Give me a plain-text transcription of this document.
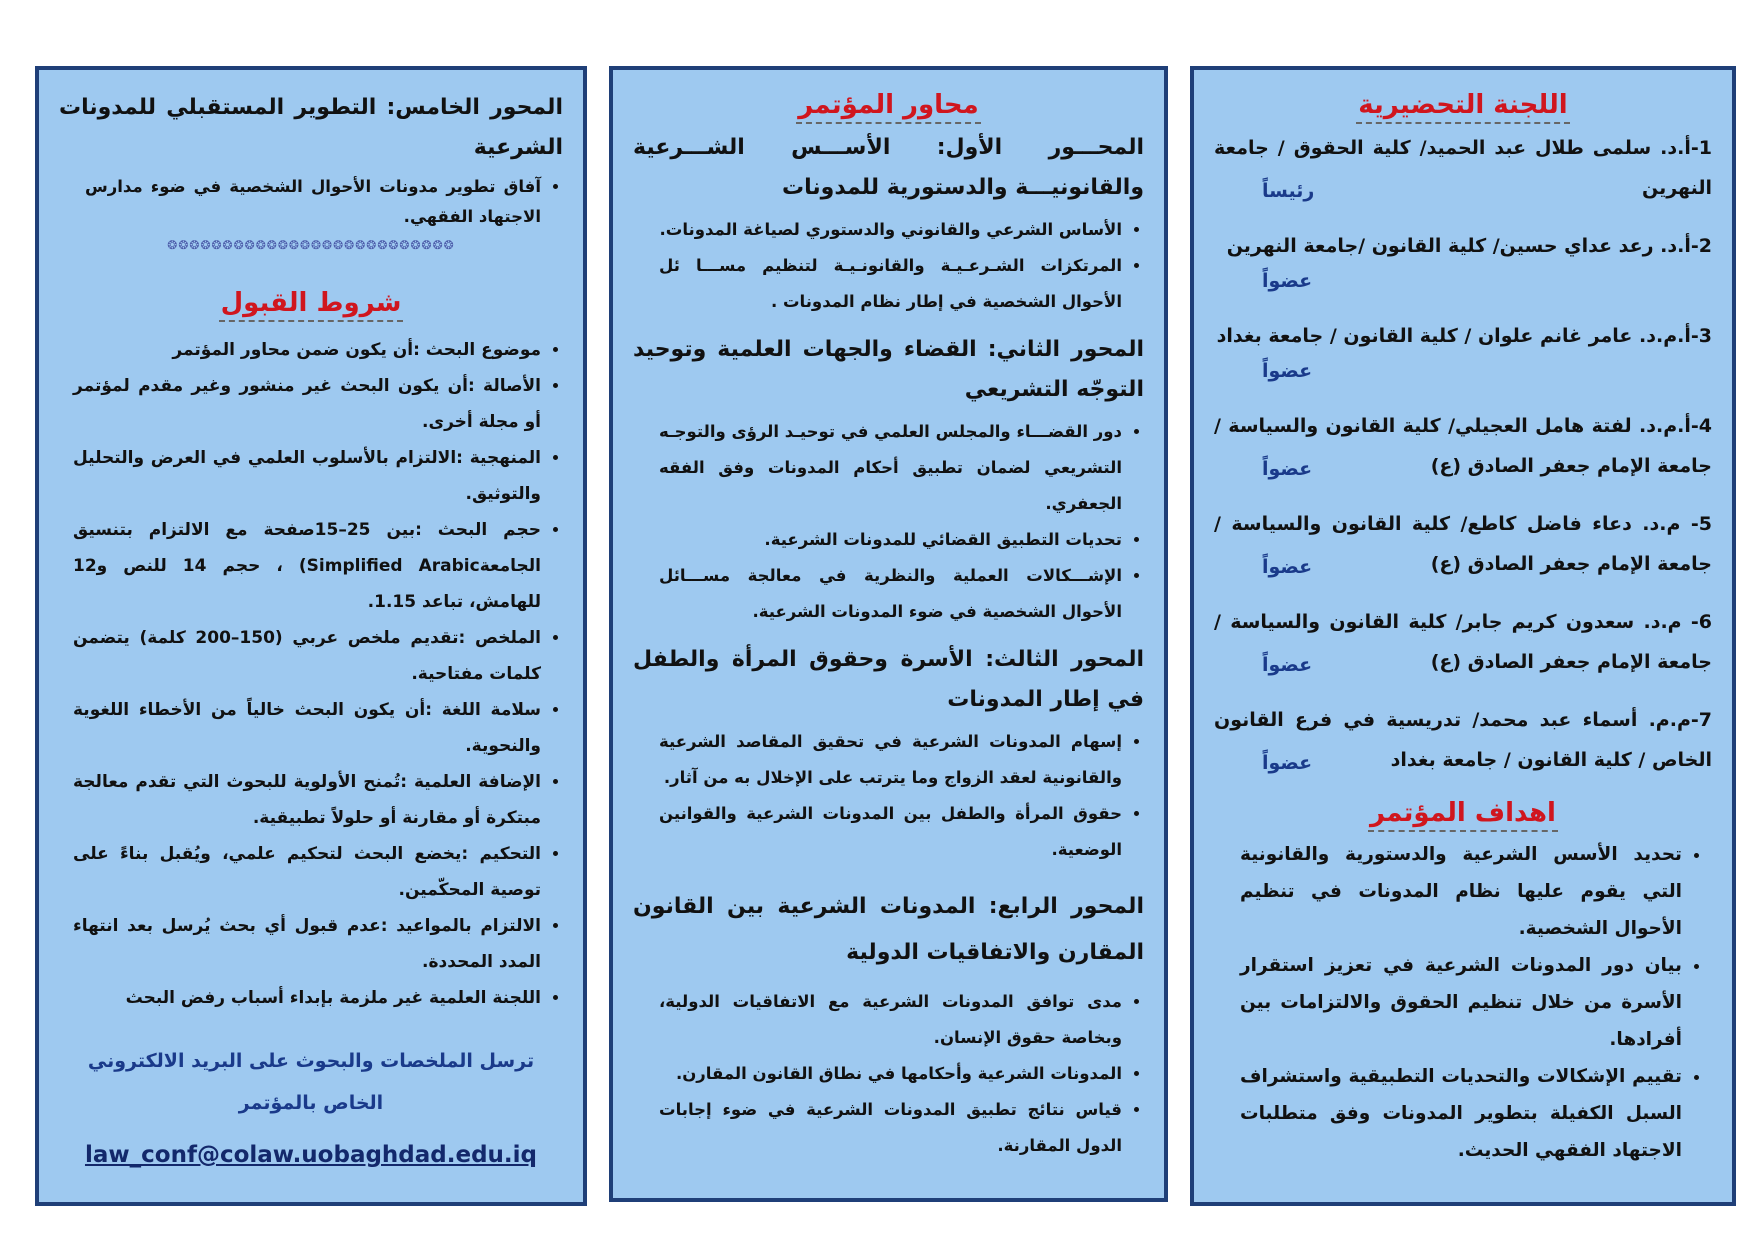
اللجنة التحضيرية
1-أ.د. سلمى طلال عبد الحميد/ كلية الحقوق / جامعة النهرين
رئيساً
2-أ.د. رعد عداي حسين/ كلية القانون /جامعة النهرين
عضواً
3-أ.م.د. عامر غانم علوان / كلية القانون / جامعة بغداد
عضواً
4-أ.م.د. لفتة هامل العجيلي/ كلية القانون والسياسة / جامعة الإمام جعفر الصادق (ع)
عضواً
5- م.د. دعاء فاضل كاطع/ كلية القانون والسياسة / جامعة الإمام جعفر الصادق (ع)
عضواً
6- م.د. سعدون كريم جابر/ كلية القانون والسياسة / جامعة الإمام جعفر الصادق (ع)
عضواً
7-م.م. أسماء عبد محمد/ تدريسية في فرع القانون الخاص / كلية القانون / جامعة بغداد
عضواً
اهداف المؤتمر
• تحديد الأسس الشرعية والدستورية والقانونية التي يقوم عليها نظام المدونات في تنظيم الأحوال الشخصية.
• بيان دور المدونات الشرعية في تعزيز استقرار الأسرة من خلال تنظيم الحقوق والالتزامات بين أفرادها.
• تقييم الإشكالات والتحديات التطبيقية واستشراف السبل الكفيلة بتطوير المدونات وفق متطلبات الاجتهاد الفقهي الحديث.
محاور المؤتمر
المحـــور الأول: الأســـس الشـــرعية والقانونيـــة والدستورية للمدونات
• الأساس الشرعي والقانوني والدستوري لصياغة المدونات.
• المرتكزات الشـرعـيـة والقانونـيـة لتنظيم مســـا ئل الأحوال الشخصية في إطار نظام المدونات .
المحور الثاني: القضاء والجهات العلمية وتوحيد التوجّه التشريعي
• دور القضـــاء والمجلس العلمي في توحيـد الرؤى والتوجـه التشريعي لضمان تطبيق أحكام المدونات وفق الفقه الجعفري.
• تحديات التطبيق القضائي للمدونات الشرعية.
• الإشـــكالات العملية والنظرية في معالجة مســـائل الأحوال الشخصية في ضوء المدونات الشرعية.
المحور الثالث: الأسرة وحقوق المرأة والطفل في إطار المدونات
• إسهام المدونات الشرعية في تحقيق المقاصد الشرعية والقانونية لعقد الزواج وما يترتب على الإخلال به من آثار.
• حقوق المرأة والطفل بين المدونات الشرعية والقوانين الوضعية.
المحور الرابع: المدونات الشرعية بين القانون المقارن والاتفاقيات الدولية
• مدى توافق المدونات الشرعية مع الاتفاقيات الدولية، وبخاصة حقوق الإنسان.
• المدونات الشرعية وأحكامها في نطاق القانون المقارن.
• قياس نتائج تطبيق المدونات الشرعية في ضوء إجابات الدول المقارنة.
المحور الخامس: التطوير المستقبلي للمدونات الشرعية
• آفاق تطوير مدونات الأحوال الشخصية في ضوء مدارس الاجتهاد الفقهي.
❂❂❂❂❂❂❂❂❂❂❂❂❂❂❂❂❂❂❂❂❂❂❂❂❂❂
شروط القبول
• موضوع البحث :أن يكون ضمن محاور المؤتمر
• الأصالة :أن يكون البحث غير منشور وغير مقدم لمؤتمر أو مجلة أخرى.
• المنهجية :الالتزام بالأسلوب العلمي في العرض والتحليل والتوثيق.
• حجم البحث :بين 25–15صفحة مع الالتزام بتنسيق الجامعةSimplified Arabic) ، حجم 14 للنص و12 للهامش، تباعد 1.15.
• الملخص :تقديم ملخص عربي (150–200 كلمة) يتضمن كلمات مفتاحية.
• سلامة اللغة :أن يكون البحث خالياً من الأخطاء اللغوية والنحوية.
• الإضافة العلمية :تُمنح الأولوية للبحوث التي تقدم معالجة مبتكرة أو مقارنة أو حلولاً تطبيقية.
• التحكيم :يخضع البحث لتحكيم علمي، ويُقبل بناءً على توصية المحكّمين.
• الالتزام بالمواعيد :عدم قبول أي بحث يُرسل بعد انتهاء المدد المحددة.
• اللجنة العلمية غير ملزمة بإبداء أسباب رفض البحث
ترسل الملخصات والبحوث على البريد الالكتروني الخاص بالمؤتمر
law_conf@colaw.uobaghdad.edu.iq
